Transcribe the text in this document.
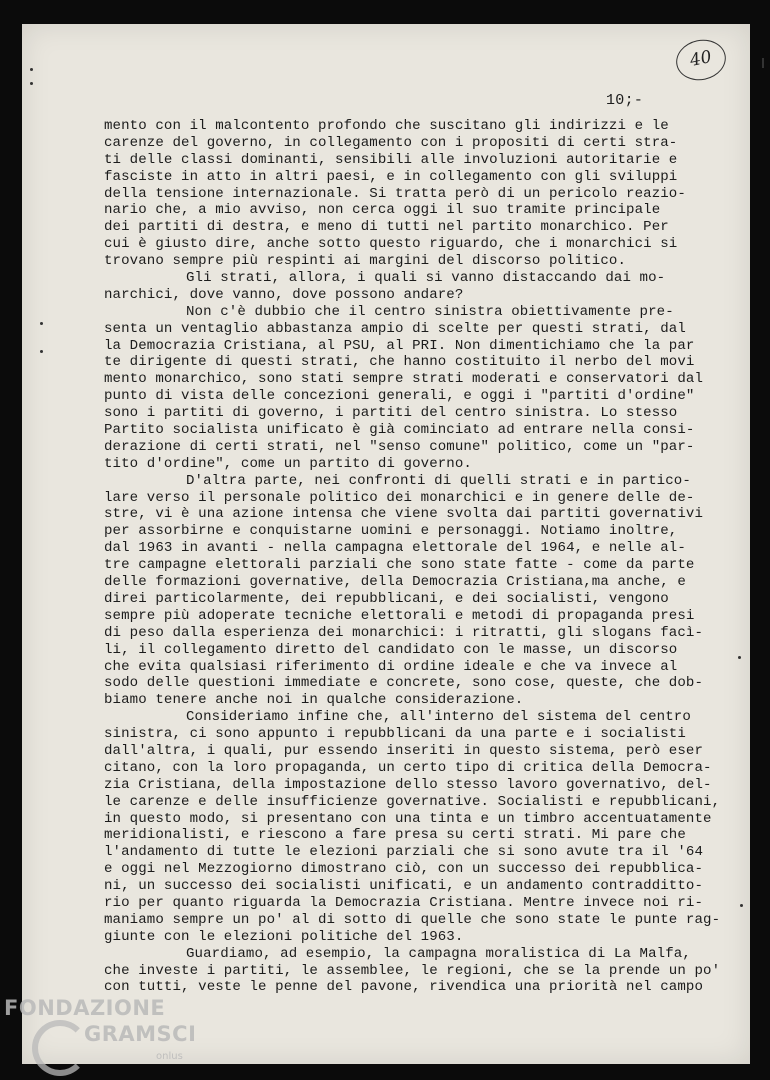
40
10;-
mento con il malcontento profondo che suscitano gli indirizzi e le
carenze del governo, in collegamento con i propositi di certi stra-
ti delle classi dominanti, sensibili alle involuzioni autoritarie e
fasciste in atto in altri paesi, e in collegamento con gli sviluppi
della tensione internazionale. Si tratta però di un pericolo reazio-
nario che, a mio avviso, non cerca oggi il suo tramite principale
dei partiti di destra, e meno di tutti nel partito monarchico. Per
cui è giusto dire, anche sotto questo riguardo, che i monarchici si
trovano sempre più respinti ai margini del discorso politico.
Gli strati, allora, i quali si vanno distaccando dai mo-
narchici, dove vanno, dove possono andare?
Non c'è dubbio che il centro sinistra obiettivamente pre-
senta un ventaglio abbastanza ampio di scelte per questi strati, dal
la Democrazia Cristiana, al PSU, al PRI. Non dimentichiamo che la par
te dirigente di questi strati, che hanno costituito il nerbo del movi
mento monarchico, sono stati sempre strati moderati e conservatori dal
punto di vista delle concezioni generali, e oggi i "partiti d'ordine"
sono i partiti di governo, i partiti del centro sinistra. Lo stesso
Partito socialista unificato è già cominciato ad entrare nella consi-
derazione di certi strati, nel "senso comune" politico, come un "par-
tito d'ordine", come un partito di governo.
D'altra parte, nei confronti di quelli strati e in partico-
lare verso il personale politico dei monarchici e in genere delle de-
stre, vi è una azione intensa che viene svolta dai partiti governativi
per assorbirne e conquistarne uomini e personaggi. Notiamo inoltre,
dal 1963 in avanti - nella campagna elettorale del 1964, e nelle al-
tre campagne elettorali parziali che sono state fatte - come da parte
delle formazioni governative, della Democrazia Cristiana,ma anche, e
direi particolarmente, dei repubblicani, e dei socialisti, vengono
sempre più adoperate tecniche elettorali e metodi di propaganda presi
di peso dalla esperienza dei monarchici: i ritratti, gli slogans facì-
li, il collegamento diretto del candidato con le masse, un discorso
che evita qualsiasi riferimento di ordine ideale e che va invece al
sodo delle questioni immediate e concrete, sono cose, queste, che dob-
biamo tenere anche noi in qualche considerazione.
Consideriamo infine che, all'interno del sistema del centro
sinistra, ci sono appunto i repubblicani da una parte e i socialisti
dall'altra, i quali, pur essendo inseriti in questo sistema, però eser
citano, con la loro propaganda, un certo tipo di critica della Democra-
zia Cristiana, della impostazione dello stesso lavoro governativo, del-
le carenze e delle insufficienze governative. Socialisti e repubblicani,
in questo modo, si presentano con una tinta e un timbro accentuatamente
meridionalisti, e riescono a fare presa su certi strati. Mi pare che
l'andamento di tutte le elezioni parziali che si sono avute tra il '64
e oggi nel Mezzogiorno dimostrano ciò, con un successo dei repubblica-
ni, un successo dei socialisti unificati, e un andamento contradditto-
rio per quanto riguarda la Democrazia Cristiana. Mentre invece noi ri-
maniamo sempre un po' al di sotto di quelle che sono state le punte rag-
giunte con le elezioni politiche del 1963.
Guardiamo, ad esempio, la campagna moralistica di La Malfa,
che investe i partiti, le assemblee, le regioni, che se la prende un po'
con tutti, veste le penne del pavone, rivendica una priorità nel campo
FONDAZIONE
GRAMSCI
onlus
